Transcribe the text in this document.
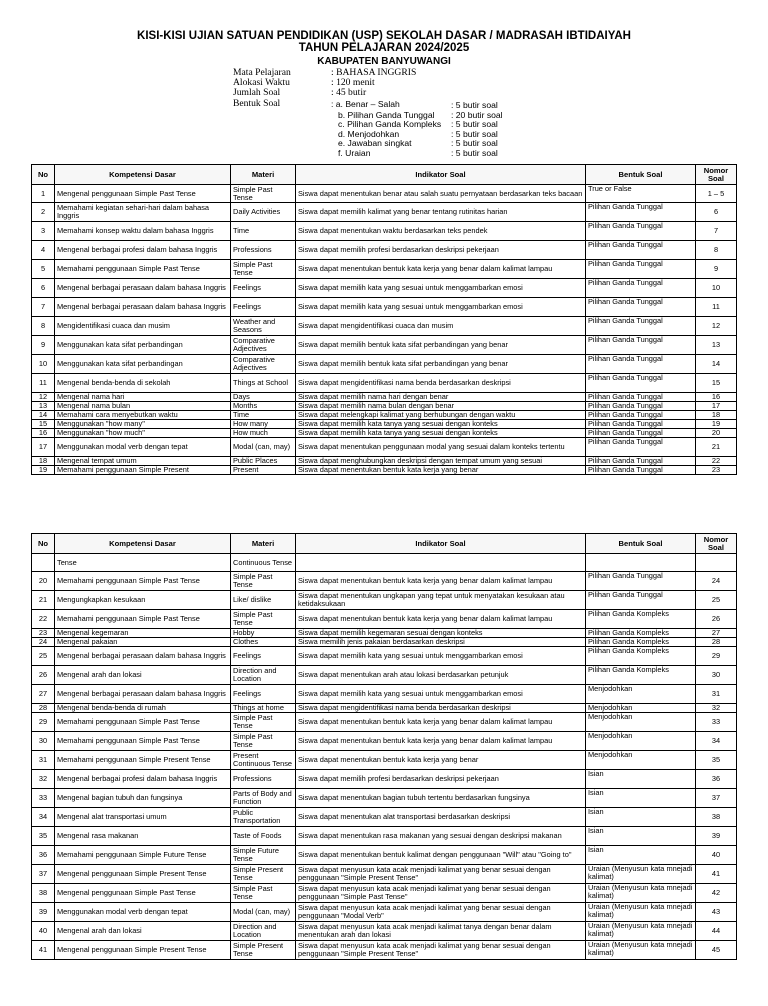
KISI-KISI UJIAN SATUAN PENDIDIKAN (USP) SEKOLAH DASAR / MADRASAH IBTIDAIYAH
TAHUN PELAJARAN 2024/2025
KABUPATEN BANYUWANGI
Mata Pelajaran	: BAHASA INGGRIS
Alokasi Waktu	: 120 menit
Jumlah Soal	: 45 butir
Bentuk Soal	: a. Benar – Salah	: 5 butir soal
b. Pilihan Ganda Tunggal	: 20 butir soal
c. Pilihan Ganda Kompleks	: 5 butir soal
d. Menjodohkan	: 5 butir soal
e. Jawaban singkat	: 5 butir soal
f. Uraian	: 5 butir soal
No	Kompetensi Dasar	Materi	Indikator Soal	Bentuk Soal	Nomor Soal
1	Mengenal penggunaan Simple Past Tense	Simple Past Tense	Siswa dapat menentukan benar atau salah suatu pernyataan berdasarkan teks bacaan	True or False	1 – 5
2	Memahami kegiatan sehari-hari dalam bahasa Inggris	Daily Activities	Siswa dapat memilih kalimat yang benar tentang rutinitas harian	Pilihan Ganda Tunggal	6
3	Memahami konsep waktu dalam bahasa Inggris	Time	Siswa dapat menentukan waktu berdasarkan teks pendek	Pilihan Ganda Tunggal	7
4	Mengenal berbagai profesi dalam bahasa Inggris	Professions	Siswa dapat memilih profesi berdasarkan deskripsi pekerjaan	Pilihan Ganda Tunggal	8
5	Memahami penggunaan Simple Past Tense	Simple Past Tense	Siswa dapat menentukan bentuk kata kerja yang benar dalam kalimat lampau	Pilihan Ganda Tunggal	9
6	Mengenal berbagai perasaan dalam bahasa Inggris	Feelings	Siswa dapat memilih kata yang sesuai untuk menggambarkan emosi	Pilihan Ganda Tunggal	10
7	Mengenal berbagai perasaan dalam bahasa Inggris	Feelings	Siswa dapat memilih kata yang sesuai untuk menggambarkan emosi	Pilihan Ganda Tunggal	11
8	Mengidentifikasi cuaca dan musim	Weather and Seasons	Siswa dapat mengidentifikasi cuaca dan musim	Pilihan Ganda Tunggal	12
9	Menggunakan kata sifat perbandingan	Comparative Adjectives	Siswa dapat memilih bentuk kata sifat perbandingan yang benar	Pilihan Ganda Tunggal	13
10	Menggunakan kata sifat perbandingan	Comparative Adjectives	Siswa dapat memilih bentuk kata sifat perbandingan yang benar	Pilihan Ganda Tunggal	14
11	Mengenal benda-benda di sekolah	Things at School	Siswa dapat mengidentifikasi nama benda berdasarkan deskripsi	Pilihan Ganda Tunggal	15
12	Mengenal nama hari	Days	Siswa dapat memilih nama hari dengan benar	Pilihan Ganda Tunggal	16
13	Mengenal nama bulan	Months	Siswa dapat memilih nama bulan dengan benar	Pilihan Ganda Tunggal	17
14	Memahami cara menyebutkan waktu	Time	Siswa dapat melengkapi kalimat yang berhubungan dengan waktu	Pilihan Ganda Tunggal	18
15	Menggunakan "how many"	How many	Siswa dapat memilih kata tanya yang sesuai dengan konteks	Pilihan Ganda Tunggal	19
16	Menggunakan "how much"	How much	Siswa dapat memilih kata tanya yang sesuai dengan konteks	Pilihan Ganda Tunggal	20
17	Menggunakan modal verb dengan tepat	Modal (can, may)	Siswa dapat menentukan penggunaan modal yang sesuai dalam konteks tertentu	Pilihan Ganda Tunggal	21
18	Mengenal tempat umum	Public Places	Siswa dapat menghubungkan deskripsi dengan tempat umum yang sesuai	Pilihan Ganda Tunggal	22
19	Memahami penggunaan Simple Present	Present	Siswa dapat menentukan bentuk kata kerja yang benar	Pilihan Ganda Tunggal	23
No	Kompetensi Dasar	Materi	Indikator Soal	Bentuk Soal	Nomor Soal
	Tense	Continuous Tense			
20	Memahami penggunaan Simple Past Tense	Simple Past Tense	Siswa dapat menentukan bentuk kata kerja yang benar dalam kalimat lampau	Pilihan Ganda Tunggal	24
21	Mengungkapkan kesukaan	Like/ dislike	Siswa dapat menentukan ungkapan yang tepat untuk menyatakan kesukaan atau ketidaksukaan	Pilihan Ganda Tunggal	25
22	Memahami penggunaan Simple Past Tense	Simple Past Tense	Siswa dapat menentukan bentuk kata kerja yang benar dalam kalimat lampau	Pilihan Ganda Kompleks	26
23	Mengenal kegemaran	Hobby	Siswa dapat memilih kegemaran sesuai dengan konteks	Pilihan Ganda Kompleks	27
24	Mengenal pakaian	Clothes	Siswa memilih jenis pakaian berdasarkan deskripsi	Pilihan Ganda Kompleks	28
25	Mengenal berbagai perasaan dalam bahasa Inggris	Feelings	Siswa dapat memilih kata yang sesuai untuk menggambarkan emosi	Pilihan Ganda Kompleks	29
26	Mengenal arah dan lokasi	Direction and Location	Siswa dapat menentukan arah atau lokasi berdasarkan petunjuk	Pilihan Ganda Kompleks	30
27	Mengenal berbagai perasaan dalam bahasa Inggris	Feelings	Siswa dapat memilih kata yang sesuai untuk menggambarkan emosi	Menjodohkan	31
28	Mengenal benda-benda di rumah	Things at home	Siswa dapat mengidentifikasi nama benda berdasarkan deskripsi	Menjodohkan	32
29	Memahami penggunaan Simple Past Tense	Simple Past Tense	Siswa dapat menentukan bentuk kata kerja yang benar dalam kalimat lampau	Menjodohkan	33
30	Memahami penggunaan Simple Past Tense	Simple Past Tense	Siswa dapat menentukan bentuk kata kerja yang benar dalam kalimat lampau	Menjodohkan	34
31	Memahami penggunaan Simple Present Tense	Present Continuous Tense	Siswa dapat menentukan bentuk kata kerja yang benar	Menjodohkan	35
32	Mengenal berbagai profesi dalam bahasa Inggris	Professions	Siswa dapat memilih profesi berdasarkan deskripsi pekerjaan	Isian	36
33	Mengenal bagian tubuh dan fungsinya	Parts of Body and Function	Siswa dapat menentukan bagian tubuh tertentu berdasarkan fungsinya	Isian	37
34	Mengenal alat transportasi umum	Public Transportation	Siswa dapat menentukan alat transportasi berdasarkan deskripsi	Isian	38
35	Mengenal rasa makanan	Taste of Foods	Siswa dapat menentukan rasa makanan yang sesuai dengan deskripsi makanan	Isian	39
36	Memahami penggunaan Simple Future Tense	Simple Future Tense	Siswa dapat menentukan bentuk kalimat dengan penggunaan "Will" atau "Going to"	Isian	40
37	Mengenal penggunaan Simple Present Tense	Simple Present Tense	Siswa dapat menyusun kata acak menjadi kalimat yang benar sesuai dengan penggunaan "Simple Present Tense"	Uraian (Menyusun kata mnejadi kalimat)	41
38	Mengenal penggunaan Simple Past Tense	Simple Past Tense	Siswa dapat menyusun kata acak menjadi kalimat yang benar sesuai dengan penggunaan "Simple Past Tense"	Uraian (Menyusun kata mnejadi kalimat)	42
39	Menggunakan modal verb dengan tepat	Modal (can, may)	Siswa dapat menyusun kata acak menjadi kalimat yang benar sesuai dengan penggunaan "Modal Verb"	Uraian (Menyusun kata mnejadi kalimat)	43
40	Mengenal arah dan lokasi	Direction and Location	Siswa dapat menyusun kata acak menjadi kalimat tanya dengan benar dalam menentukan arah dan lokasi	Uraian (Menyusun kata mnejadi kalimat)	44
41	Mengenal penggunaan Simple Present Tense	Simple Present Tense	Siswa dapat menyusun kata acak menjadi kalimat yang benar sesuai dengan penggunaan "Simple Present Tense"	Uraian (Menyusun kata mnejadi kalimat)	45
